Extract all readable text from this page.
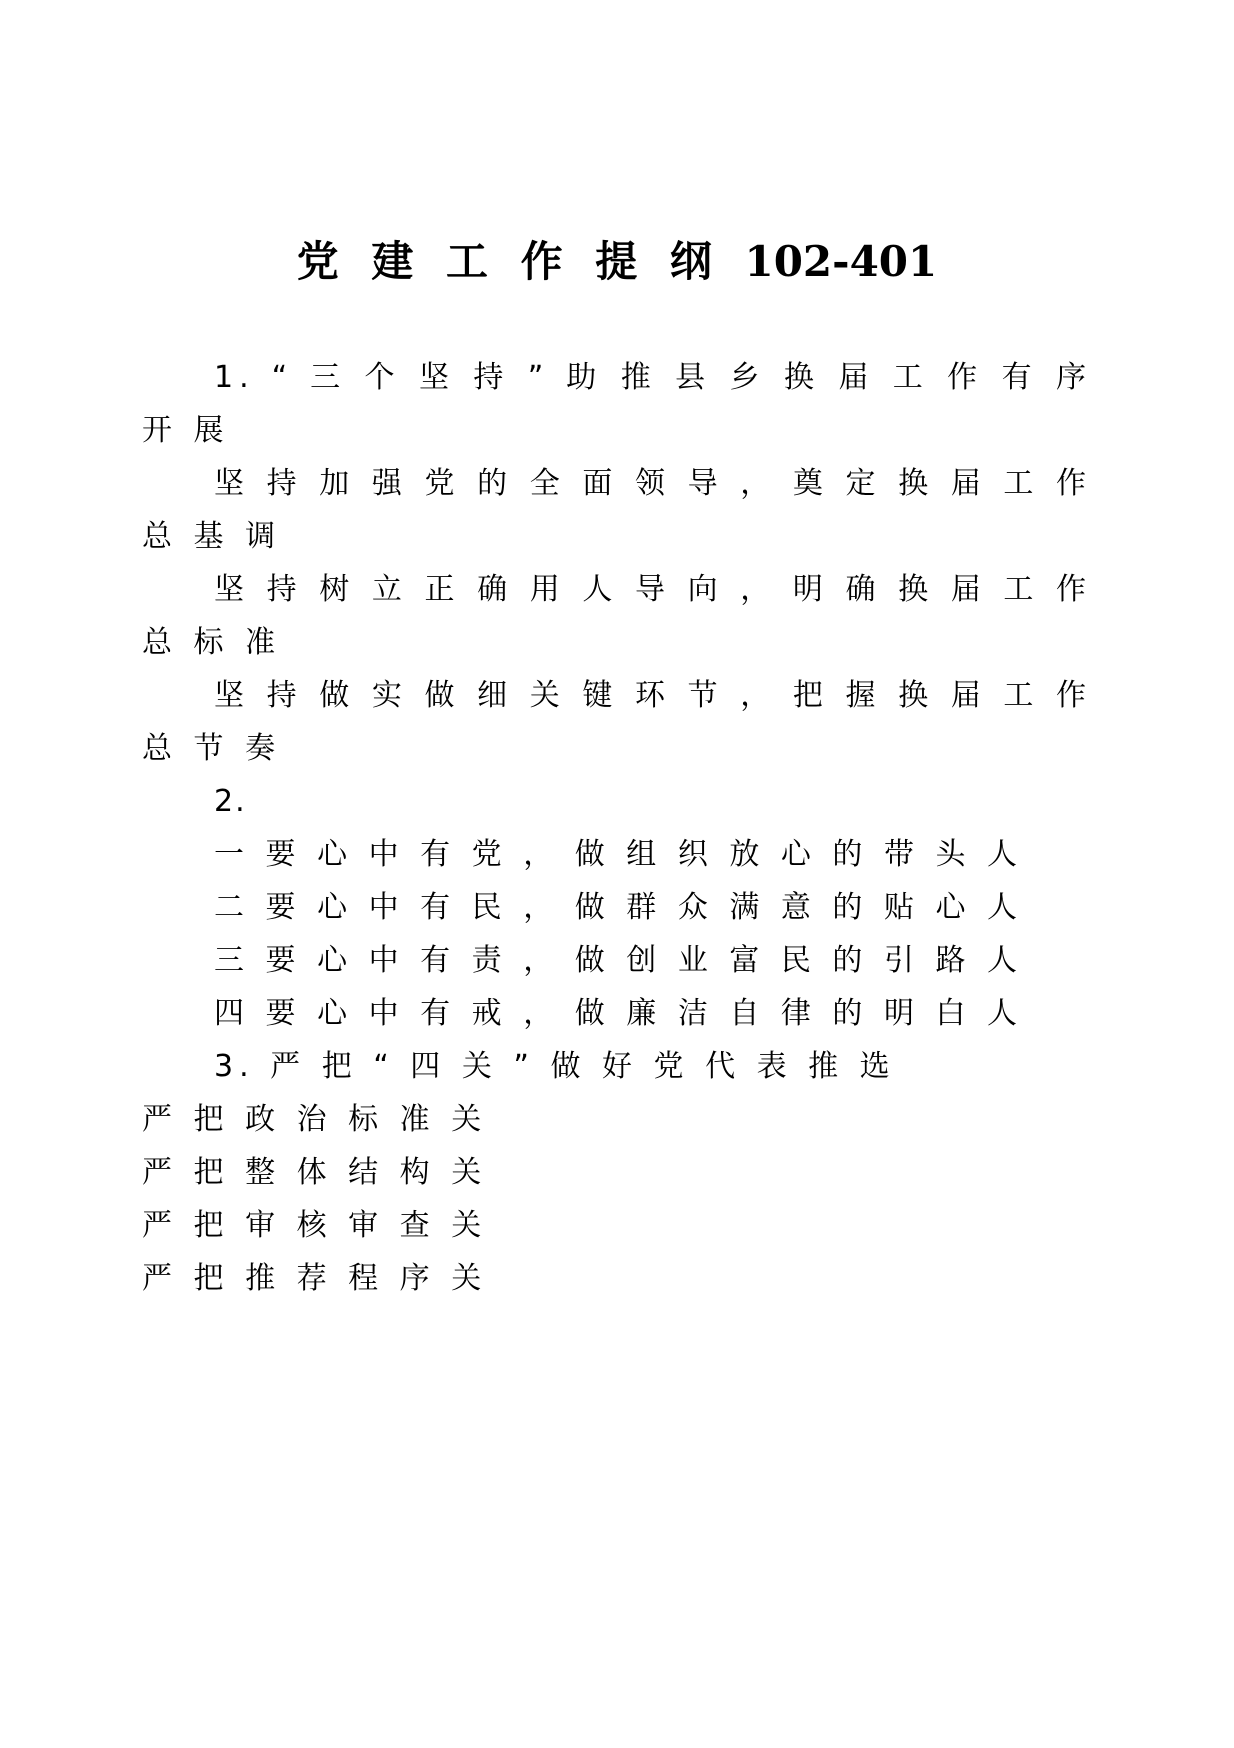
党 建 工 作 提 纲 102-401

1. “ 三 个 坚 持 ” 助 推 县 乡 换 届 工 作 有 序 开 展

坚 持 加 强 党 的 全 面 领 导 ， 奠 定 换 届 工 作 总 基 调

坚 持 树 立 正 确 用 人 导 向 ， 明 确 换 届 工 作 总 标 准

坚 持 做 实 做 细 关 键 环 节 ， 把 握 换 届 工 作 总 节 奏

2.

一 要 心 中 有 党 ， 做 组 织 放 心 的 带 头 人

二 要 心 中 有 民 ， 做 群 众 满 意 的 贴 心 人

三 要 心 中 有 责 ， 做 创 业 富 民 的 引 路 人

四 要 心 中 有 戒 ， 做 廉 洁 自 律 的 明 白 人

3. 严 把 “ 四 关 ” 做 好 党 代 表 推 选

严 把 政 治 标 准 关

严 把 整 体 结 构 关

严 把 审 核 审 查 关

严 把 推 荐 程 序 关
